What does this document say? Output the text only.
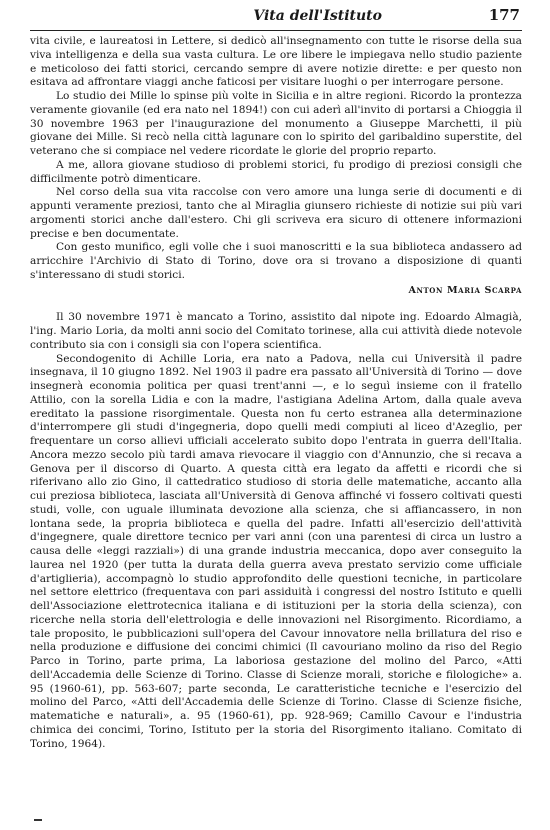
Vita dell'Istituto	177

vita civile, e laureatosi in Lettere, si dedicò all'insegnamento con tutte le risorse della sua viva intelligenza e della sua vasta cultura. Le ore libere le impiegava nello studio paziente e meticoloso dei fatti storici, cercando sempre di avere notizie dirette: e per questo non esitava ad affrontare viaggi anche faticosi per visitare luoghi o per interrogare persone.

Lo studio dei Mille lo spinse più volte in Sicilia e in altre regioni. Ricordo la prontezza veramente giovanile (ed era nato nel 1894!) con cui aderì all'invito di portarsi a Chioggia il 30 novembre 1963 per l'inaugurazione del monumento a Giuseppe Marchetti, il più giovane dei Mille. Si recò nella città lagunare con lo spirito del garibaldino superstite, del veterano che si compiace nel vedere ricordate le glorie del proprio reparto.

A me, allora giovane studioso di problemi storici, fu prodigo di preziosi consigli che difficilmente potrò dimenticare.

Nel corso della sua vita raccolse con vero amore una lunga serie di documenti e di appunti veramente preziosi, tanto che al Miraglia giunsero richieste di notizie sui più vari argomenti storici anche dall'estero. Chi gli scriveva era sicuro di ottenere informazioni precise e ben documentate.

Con gesto munifico, egli volle che i suoi manoscritti e la sua biblioteca andassero ad arricchire l'Archivio di Stato di Torino, dove ora si trovano a disposizione di quanti s'interessano di studi storici.

Anton Maria Scarpa

Il 30 novembre 1971 è mancato a Torino, assistito dal nipote ing. Edoardo Almagià, l'ing. Mario Loria, da molti anni socio del Comitato torinese, alla cui attività diede notevole contributo sia con i consigli sia con l'opera scientifica.

Secondogenito di Achille Loria, era nato a Padova, nella cui Università il padre insegnava, il 10 giugno 1892. Nel 1903 il padre era passato all'Università di Torino — dove insegnerà economia politica per quasi trent'anni —, e lo seguì insieme con il fratello Attilio, con la sorella Lidia e con la madre, l'astigiana Adelina Artom, dalla quale aveva ereditato la passione risorgimentale. Questa non fu certo estranea alla determinazione d'interrompere gli studi d'ingegneria, dopo quelli medi compiuti al liceo d'Azeglio, per frequentare un corso allievi ufficiali accelerato subito dopo l'entrata in guerra dell'Italia. Ancora mezzo secolo più tardi amava rievocare il viaggio con d'Annunzio, che si recava a Genova per il discorso di Quarto. A questa città era legato da affetti e ricordi che si riferivano allo zio Gino, il cattedratico studioso di storia delle matematiche, accanto alla cui preziosa biblioteca, lasciata all'Università di Genova affinché vi fossero coltivati questi studi, volle, con uguale illuminata devozione alla scienza, che si affiancassero, in non lontana sede, la propria biblioteca e quella del padre. Infatti all'esercizio dell'attività d'ingegnere, quale direttore tecnico per vari anni (con una parentesi di circa un lustro a causa delle «leggi razziali») di una grande industria meccanica, dopo aver conseguito la laurea nel 1920 (per tutta la durata della guerra aveva prestato servizio come ufficiale d'artiglieria), accompagnò lo studio approfondito delle questioni tecniche, in particolare nel settore elettrico (frequentava con pari assiduità i congressi del nostro Istituto e quelli dell'Associazione elettrotecnica italiana e di istituzioni per la storia della scienza), con ricerche nella storia dell'elettrologia e delle innovazioni nel Risorgimento. Ricordiamo, a tale proposito, le pubblicazioni sull'opera del Cavour innovatore nella brillatura del riso e nella produzione e diffusione dei concimi chimici (Il cavouriano molino da riso del Regio Parco in Torino, parte prima, La laboriosa gestazione del molino del Parco, «Atti dell'Accademia delle Scienze di Torino. Classe di Scienze morali, storiche e filologiche» a. 95 (1960-61), pp. 563-607; parte seconda, Le caratteristiche tecniche e l'esercizio del molino del Parco, «Atti dell'Accademia delle Scienze di Torino. Classe di Scienze fisiche, matematiche e naturali», a. 95 (1960-61), pp. 928-969; Camillo Cavour e l'industria chimica dei concimi, Torino, Istituto per la storia del Risorgimento italiano. Comitato di Torino, 1964).
